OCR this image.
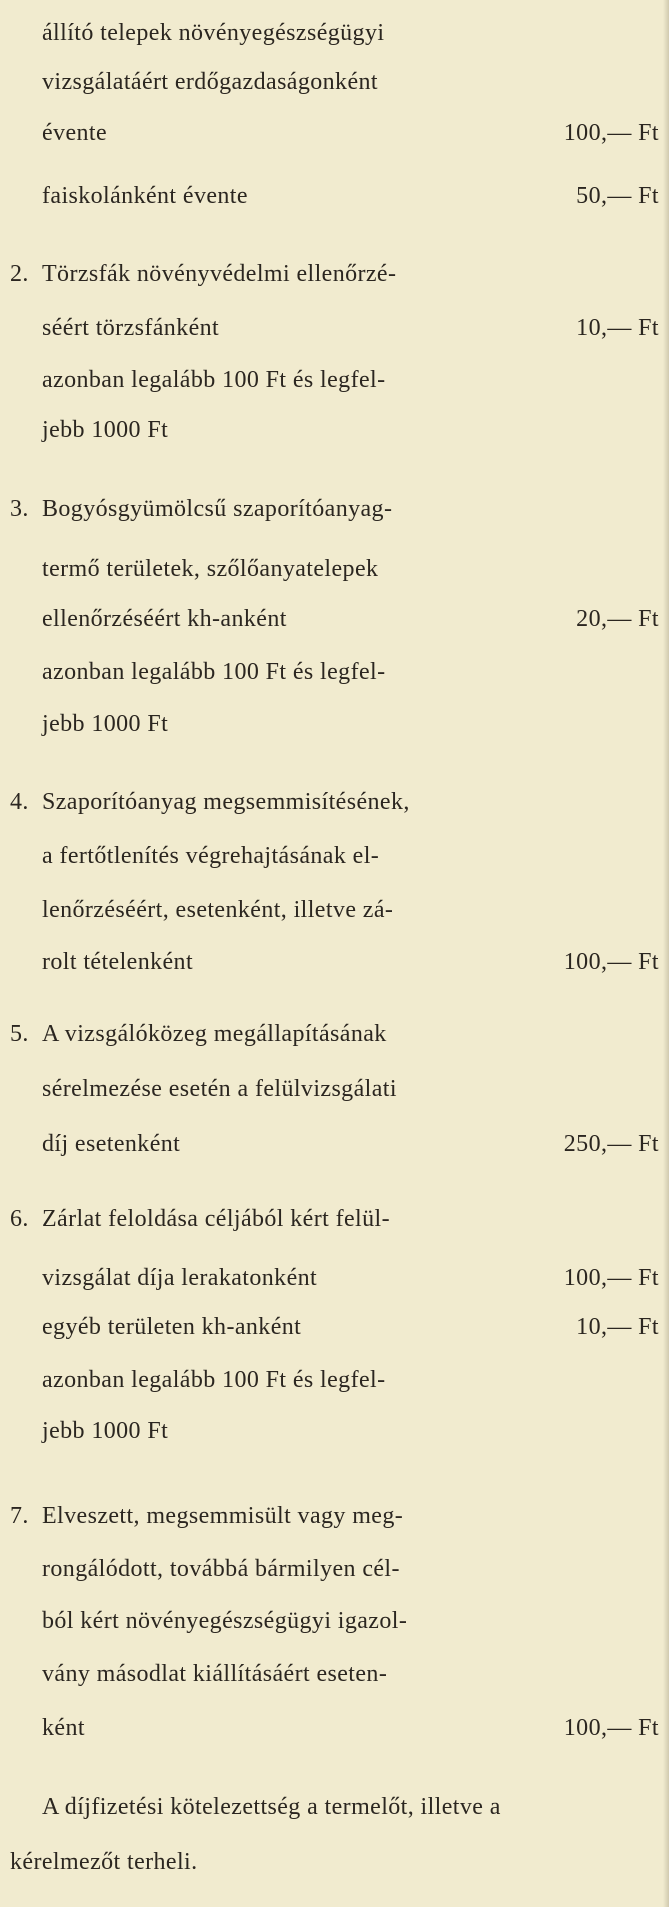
állító telepek növényegészségügyi
vizsgálatáért erdőgazdaságonként
évente	100,— Ft
faiskolánként évente	50,— Ft
2. Törzsfák növényvédelmi ellenőrzé-
séért törzsfánként	10,— Ft
azonban legalább 100 Ft és legfel-
jebb 1000 Ft
3. Bogyósgyümölcsű szaporítóanyag-
termő területek, szőlőanyatelepek
ellenőrzéséért kh-anként	20,— Ft
azonban legalább 100 Ft és legfel-
jebb 1000 Ft
4. Szaporítóanyag megsemmisítésének,
a fertőtlenítés végrehajtásának el-
lenőrzéséért, esetenként, illetve zá-
rolt tételenként	100,— Ft
5. A vizsgálóközeg megállapításának
sérelmezése esetén a felülvizsgálati
díj esetenként	250,— Ft
6. Zárlat feloldása céljából kért felül-
vizsgálat díja lerakatonként	100,— Ft
egyéb területen kh-anként	10,— Ft
azonban legalább 100 Ft és legfel-
jebb 1000 Ft
7. Elveszett, megsemmisült vagy meg-
rongálódott, továbbá bármilyen cél-
ból kért növényegészségügyi igazol-
vány másodlat kiállításáért eseten-
ként	100,— Ft
A díjfizetési kötelezettség a termelőt, illetve a
kérelmezőt terheli.
